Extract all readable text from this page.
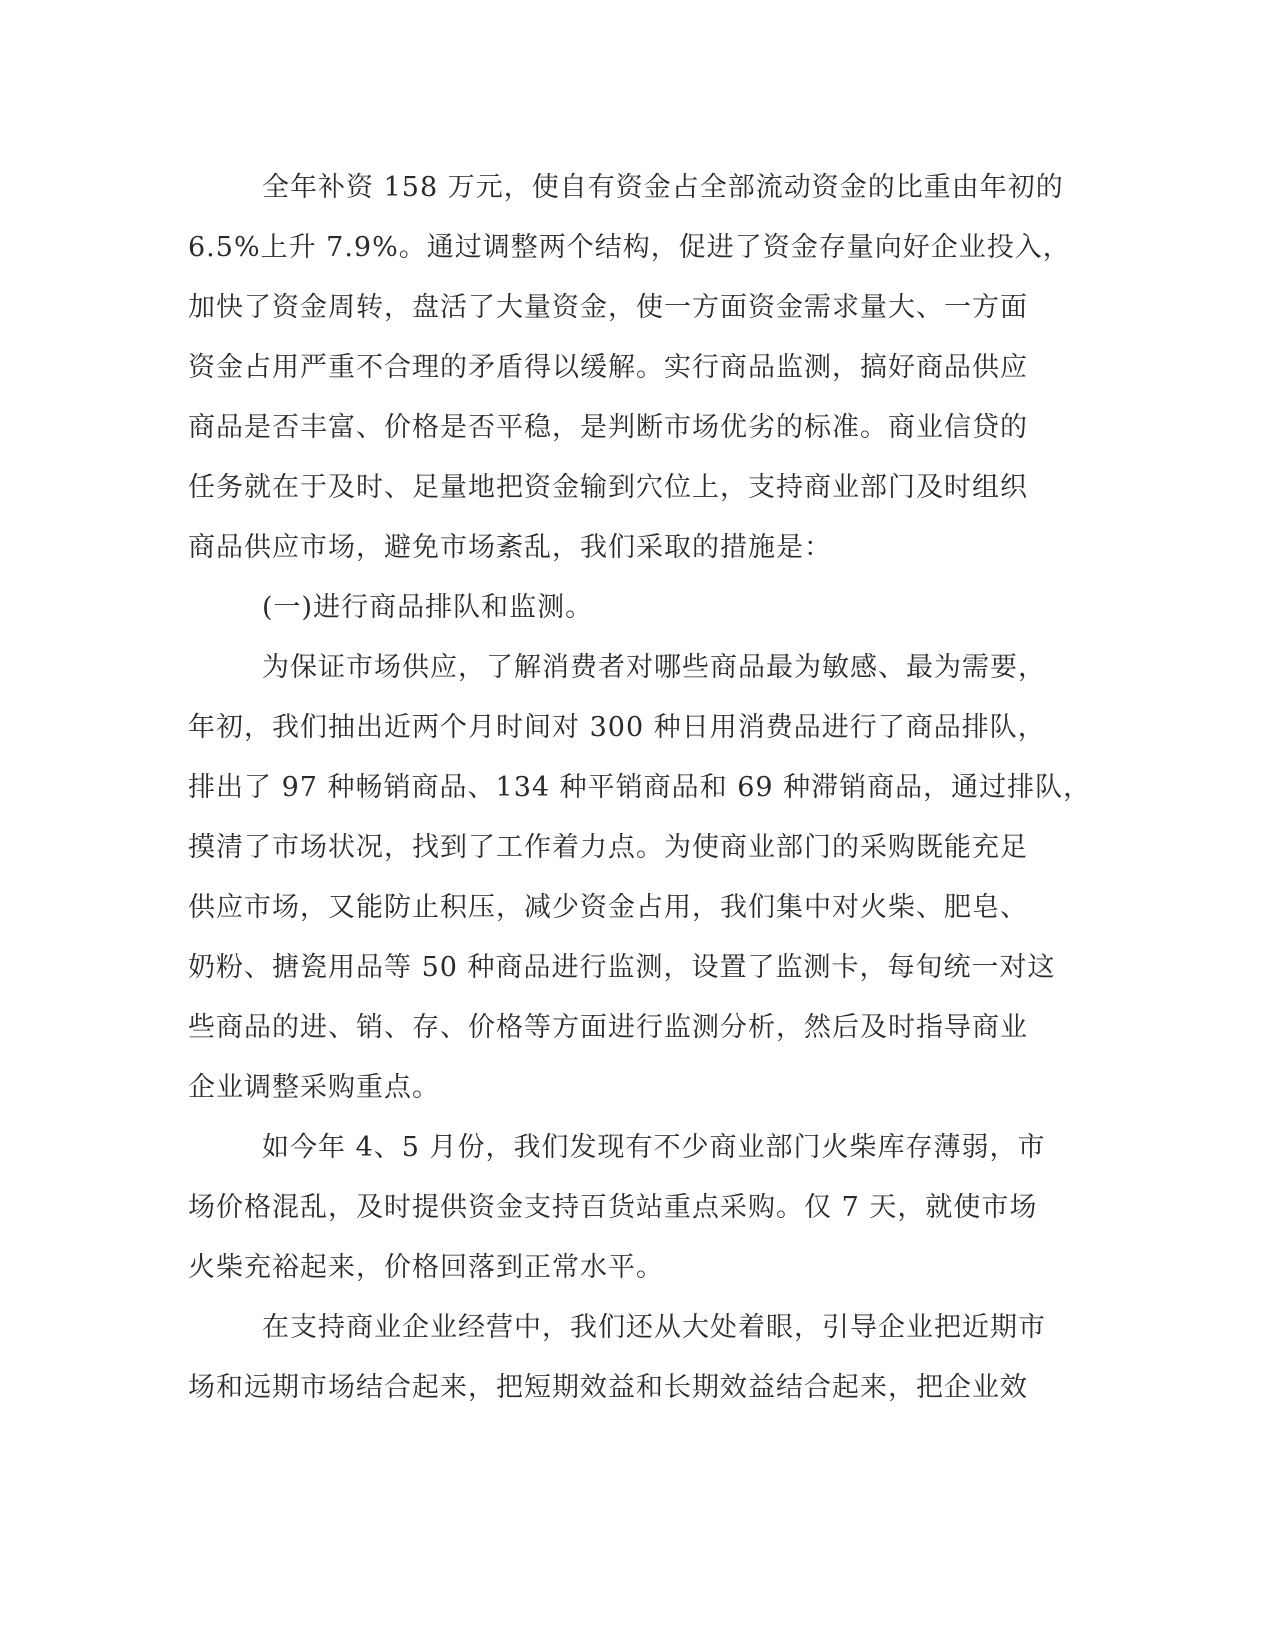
全年补资 158 万元，使自有资金占全部流动资金的比重由年初的
6.5%上升 7.9%。通过调整两个结构，促进了资金存量向好企业投入，
加快了资金周转，盘活了大量资金，使一方面资金需求量大、一方面
资金占用严重不合理的矛盾得以缓解。实行商品监测，搞好商品供应
商品是否丰富、价格是否平稳，是判断市场优劣的标准。商业信贷的
任务就在于及时、足量地把资金输到穴位上，支持商业部门及时组织
商品供应市场，避免市场紊乱，我们采取的措施是：
(一)进行商品排队和监测。
为保证市场供应，了解消费者对哪些商品最为敏感、最为需要，
年初，我们抽出近两个月时间对 300 种日用消费品进行了商品排队，
排出了 97 种畅销商品、134 种平销商品和 69 种滞销商品，通过排队，
摸清了市场状况，找到了工作着力点。为使商业部门的采购既能充足
供应市场，又能防止积压，减少资金占用，我们集中对火柴、肥皂、
奶粉、搪瓷用品等 50 种商品进行监测，设置了监测卡，每旬统一对这
些商品的进、销、存、价格等方面进行监测分析，然后及时指导商业
企业调整采购重点。
如今年 4、5 月份，我们发现有不少商业部门火柴库存薄弱，市
场价格混乱，及时提供资金支持百货站重点采购。仅 7 天，就使市场
火柴充裕起来，价格回落到正常水平。
在支持商业企业经营中，我们还从大处着眼，引导企业把近期市
场和远期市场结合起来，把短期效益和长期效益结合起来，把企业效
